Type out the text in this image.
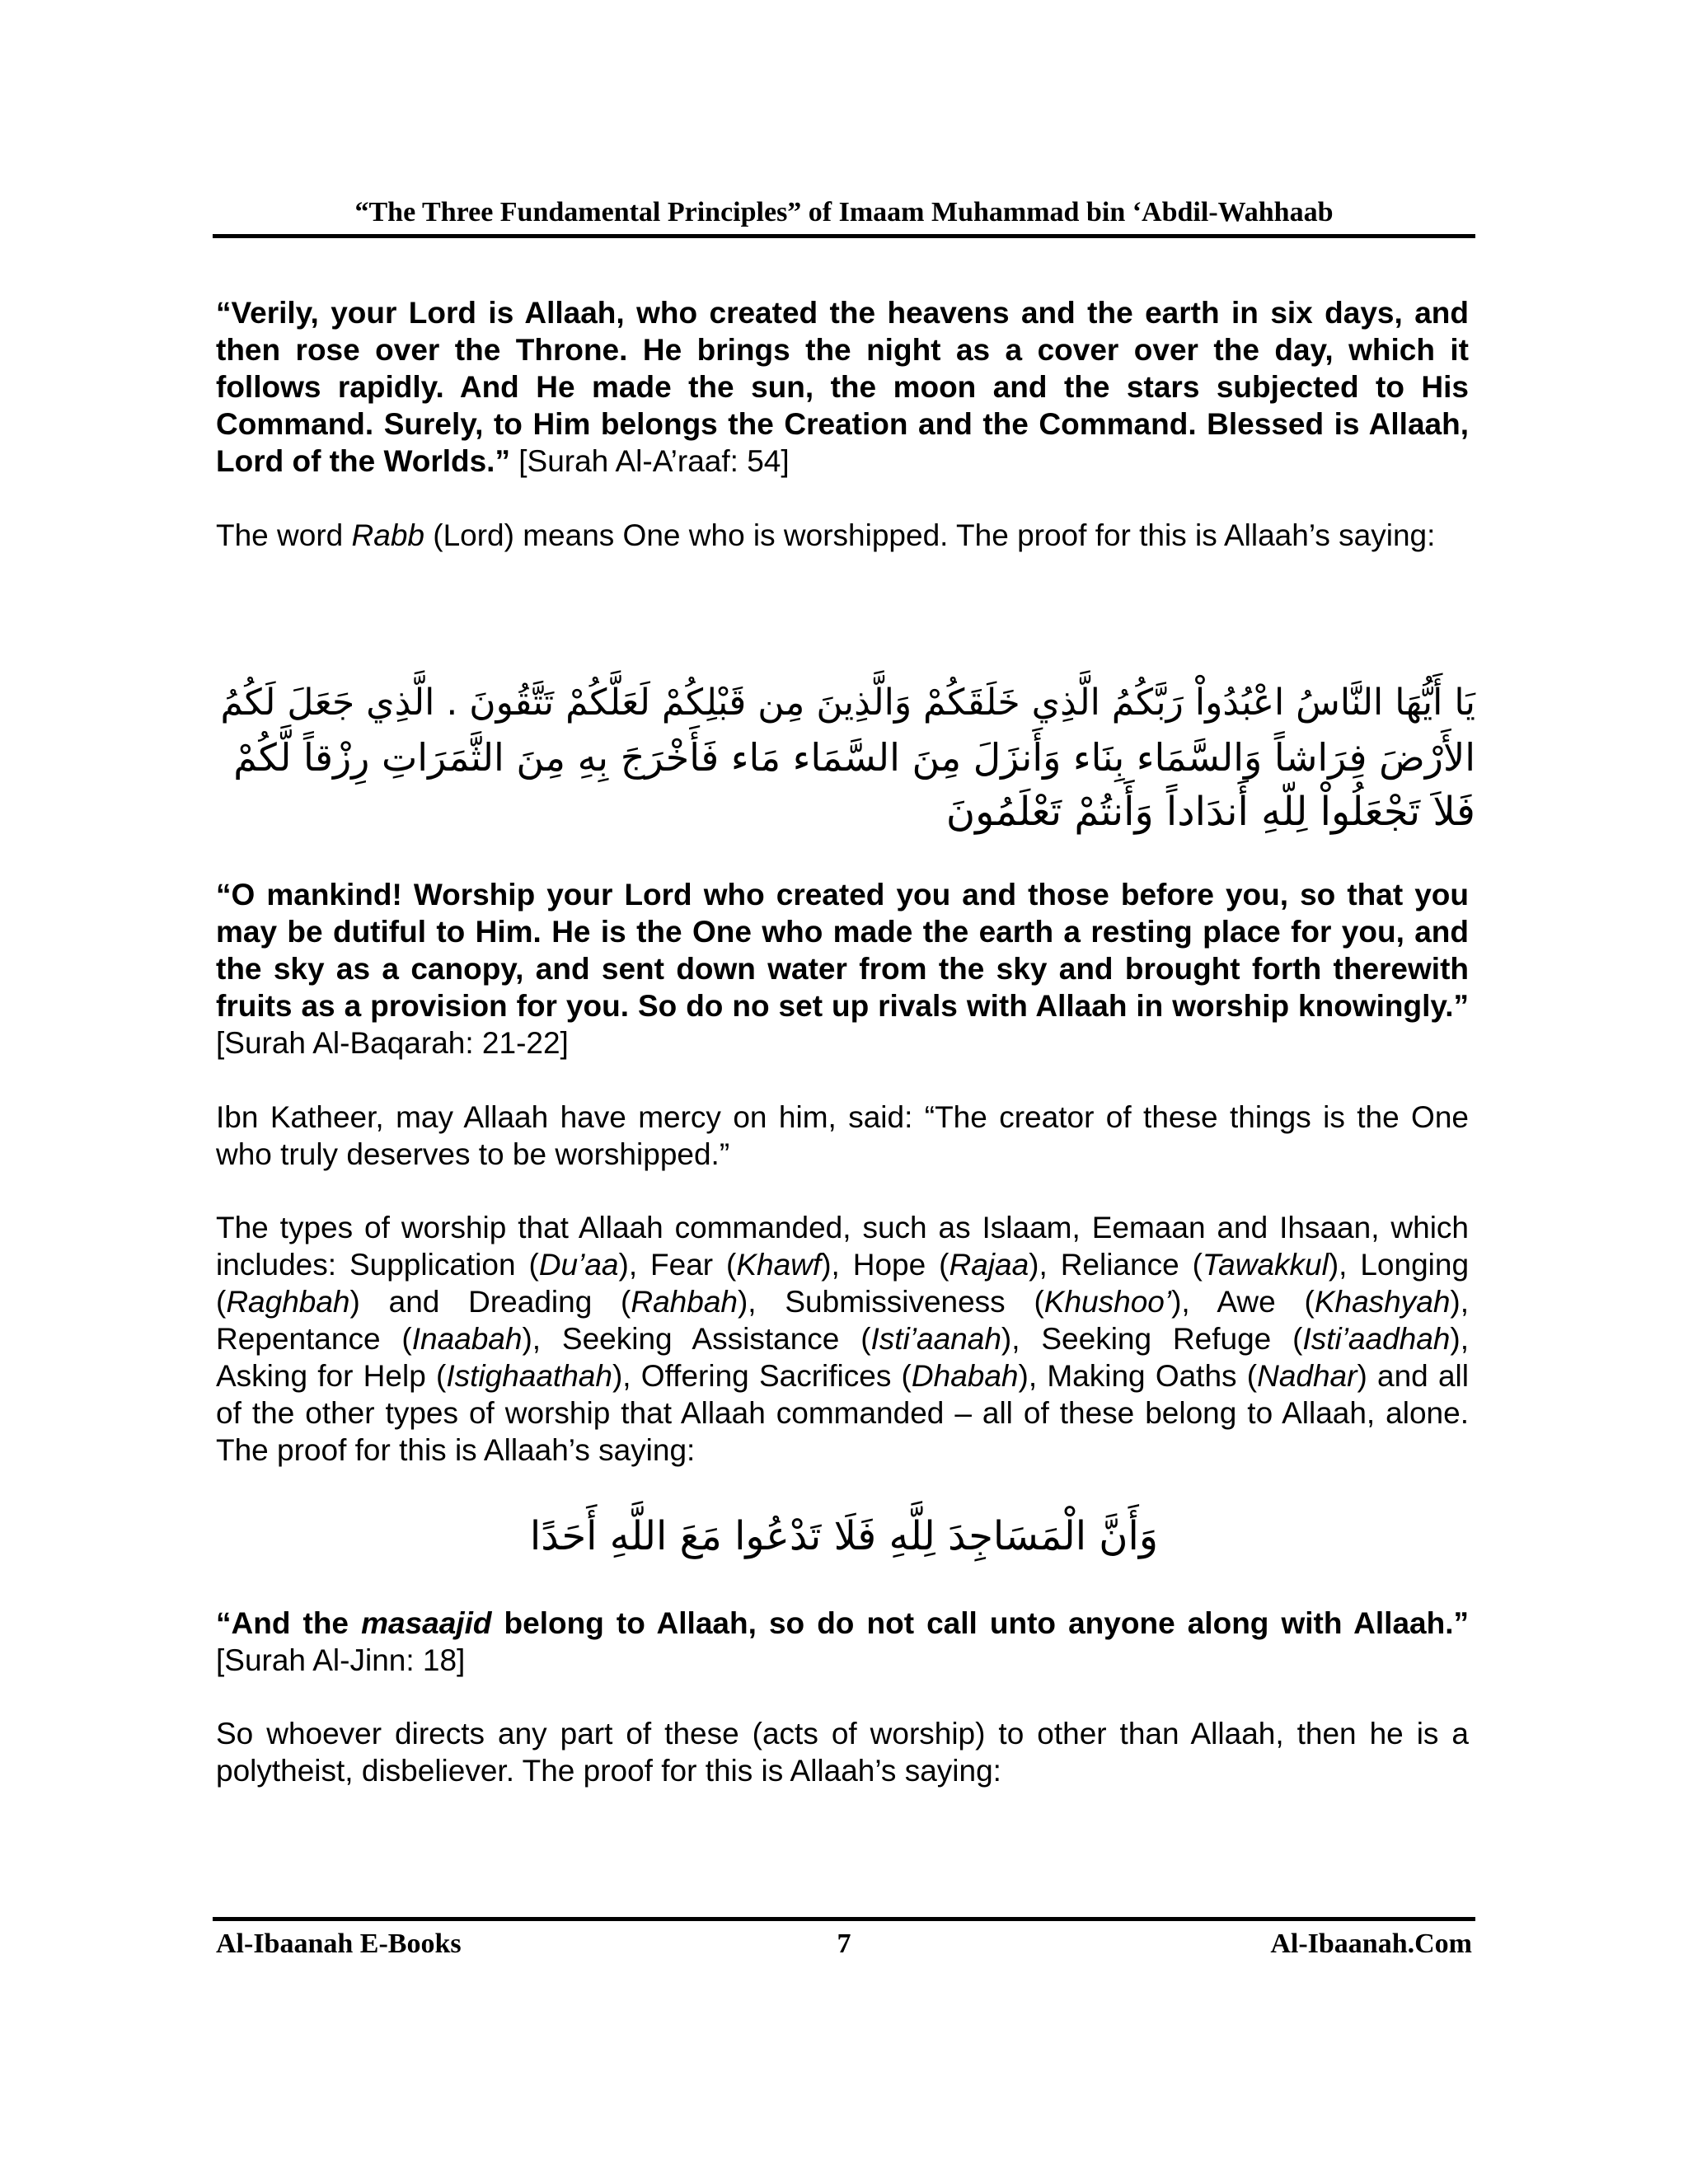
“The Three Fundamental Principles” of Imaam Muhammad bin ‘Abdil-Wahhaab

“Verily, your Lord is Allaah, who created the heavens and the earth in six days, and then rose over the Throne. He brings the night as a cover over the day, which it follows rapidly. And He made the sun, the moon and the stars subjected to His Command. Surely, to Him belongs the Creation and the Command. Blessed is Allaah, Lord of the Worlds.” [Surah Al-A’raaf: 54]

The word Rabb (Lord) means One who is worshipped. The proof for this is Allaah’s saying:

يَا أَيُّهَا النَّاسُ اعْبُدُواْ رَبَّكُمُ الَّذِي خَلَقَكُمْ وَالَّذِينَ مِن قَبْلِكُمْ لَعَلَّكُمْ تَتَّقُونَ . الَّذِي جَعَلَ لَكُمُ
الأَرْضَ فِرَاشاً وَالسَّمَاء بِنَاء وَأَنزَلَ مِنَ السَّمَاء مَاء فَأَخْرَجَ بِهِ مِنَ الثَّمَرَاتِ رِزْقاً لَّكُمْ
فَلاَ تَجْعَلُواْ لِلّهِ أَندَاداً وَأَنتُمْ تَعْلَمُونَ

“O mankind! Worship your Lord who created you and those before you, so that you may be dutiful to Him. He is the One who made the earth a resting place for you, and the sky as a canopy, and sent down water from the sky and brought forth therewith fruits as a provision for you. So do no set up rivals with Allaah in worship knowingly.” [Surah Al-Baqarah: 21-22]

Ibn Katheer, may Allaah have mercy on him, said: “The creator of these things is the One who truly deserves to be worshipped.”

The types of worship that Allaah commanded, such as Islaam, Eemaan and Ihsaan, which includes: Supplication (Du’aa), Fear (Khawf), Hope (Rajaa), Reliance (Tawakkul), Longing (Raghbah) and Dreading (Rahbah), Submissiveness (Khushoo’), Awe (Khashyah), Repentance (Inaabah), Seeking Assistance (Isti’aanah), Seeking Refuge (Isti’aadhah), Asking for Help (Istighaathah), Offering Sacrifices (Dhabah), Making Oaths (Nadhar) and all of the other types of worship that Allaah commanded – all of these belong to Allaah, alone. The proof for this is Allaah’s saying:

وَأَنَّ الْمَسَاجِدَ لِلَّهِ فَلَا تَدْعُوا مَعَ اللَّهِ أَحَدًا

“And the masaajid belong to Allaah, so do not call unto anyone along with Allaah.” [Surah Al-Jinn: 18]

So whoever directs any part of these (acts of worship) to other than Allaah, then he is a polytheist, disbeliever. The proof for this is Allaah’s saying:

Al-Ibaanah E-Books	7	Al-Ibaanah.Com
